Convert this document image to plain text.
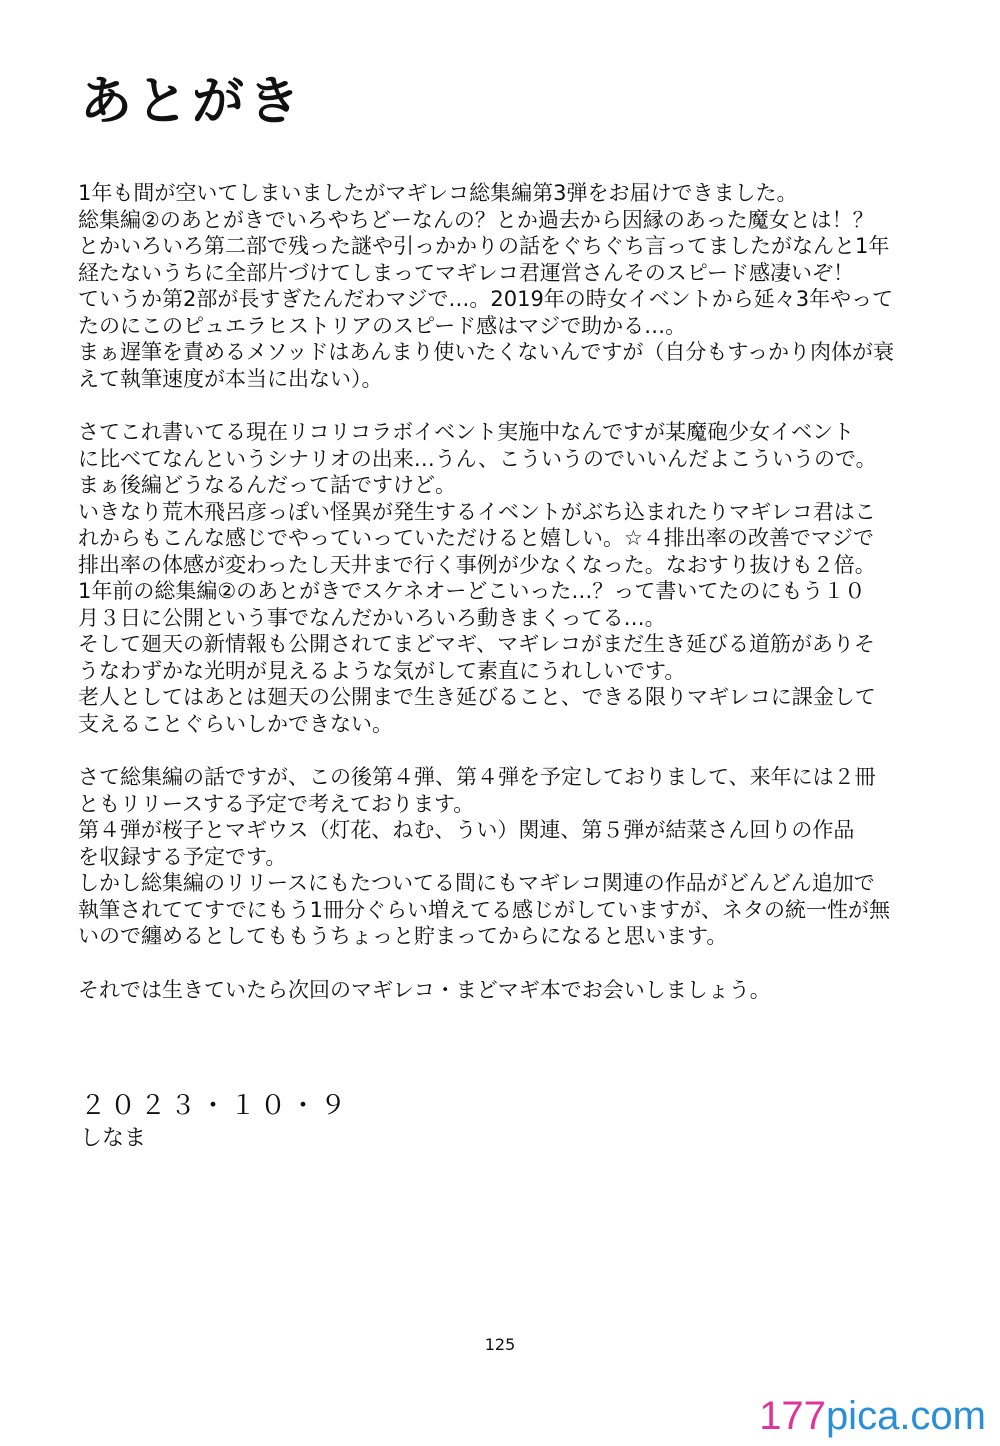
あとがき
1年も間が空いてしまいましたがマギレコ総集編第3弾をお届けできました。
総集編②のあとがきでいろやちどーなんの？とか過去から因縁のあった魔女とは！？
とかいろいろ第二部で残った謎や引っかかりの話をぐちぐち言ってましたがなんと1年
経たないうちに全部片づけてしまってマギレコ君運営さんそのスピード感凄いぞ！
ていうか第2部が長すぎたんだわマジで…。2019年の時女イベントから延々3年やって
たのにこのピュエラヒストリアのスピード感はマジで助かる…。
まぁ遅筆を責めるメソッドはあんまり使いたくないんですが（自分もすっかり肉体が衰
えて執筆速度が本当に出ない）。
さてこれ書いてる現在リコリコラボイベント実施中なんですが某魔砲少女イベント
に比べてなんというシナリオの出来…うん、こういうのでいいんだよこういうので。
まぁ後編どうなるんだって話ですけど。
いきなり荒木飛呂彦っぽい怪異が発生するイベントがぶち込まれたりマギレコ君はこ
れからもこんな感じでやっていっていただけると嬉しい。☆４排出率の改善でマジで
排出率の体感が変わったし天井まで行く事例が少なくなった。なおすり抜けも２倍。
1年前の総集編②のあとがきでスケネオーどこいった…？って書いてたのにもう１０
月３日に公開という事でなんだかいろいろ動きまくってる…。
そして廻天の新情報も公開されてまどマギ、マギレコがまだ生き延びる道筋がありそ
うなわずかな光明が見えるような気がして素直にうれしいです。
老人としてはあとは廻天の公開まで生き延びること、できる限りマギレコに課金して
支えることぐらいしかできない。
さて総集編の話ですが、この後第４弾、第４弾を予定しておりまして、来年には２冊
ともリリースする予定で考えております。
第４弾が桜子とマギウス（灯花、ねむ、うい）関連、第５弾が結菜さん回りの作品
を収録する予定です。
しかし総集編のリリースにもたついてる間にもマギレコ関連の作品がどんどん追加で
執筆されててすでにもう1冊分ぐらい増えてる感じがしていますが、ネタの統一性が無
いので纏めるとしてももうちょっと貯まってからになると思います。
それでは生きていたら次回のマギレコ・まどマギ本でお会いしましょう。
２０２３・１０・９
しなま
125
177pica.com
